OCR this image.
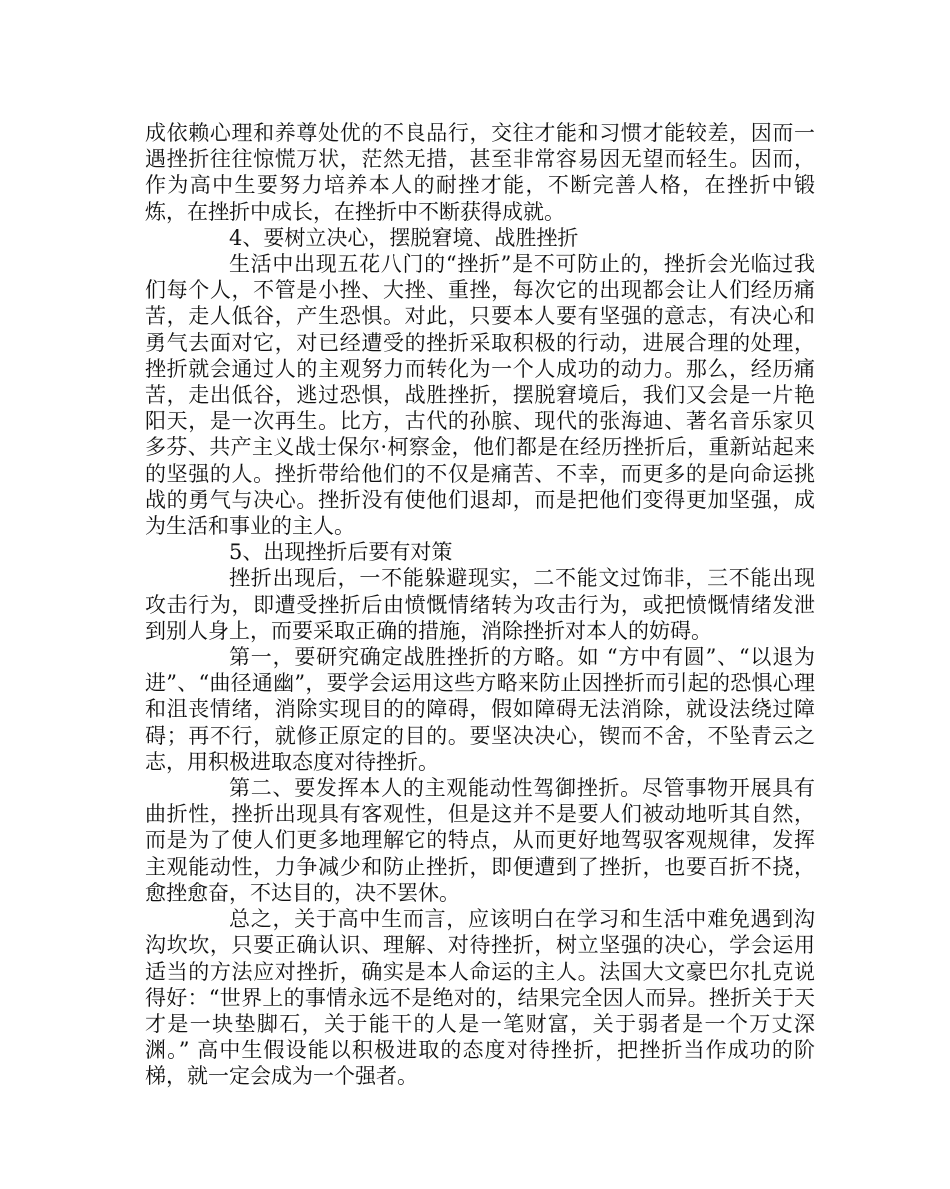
成依赖心理和养尊处优的不良品行，交往才能和习惯才能较差，因而一遇挫折往往惊慌万状，茫然无措，甚至非常容易因无望而轻生。因而，作为高中生要努力培养本人的耐挫才能，不断完善人格，在挫折中锻炼，在挫折中成长，在挫折中不断获得成就。

4、要树立决心，摆脱窘境、战胜挫折

生活中出现五花八门的“挫折”是不可防止的，挫折会光临过我们每个人，不管是小挫、大挫、重挫，每次它的出现都会让人们经历痛苦，走人低谷，产生恐惧。对此，只要本人要有坚强的意志，有决心和勇气去面对它，对已经遭受的挫折采取积极的行动，进展合理的处理，挫折就会通过人的主观努力而转化为一个人成功的动力。那么，经历痛苦，走出低谷，逃过恐惧，战胜挫折，摆脱窘境后，我们又会是一片艳阳天，是一次再生。比方，古代的孙膑、现代的张海迪、著名音乐家贝多芬、共产主义战士保尔·柯察金，他们都是在经历挫折后，重新站起来的坚强的人。挫折带给他们的不仅是痛苦、不幸，而更多的是向命运挑战的勇气与决心。挫折没有使他们退却，而是把他们变得更加坚强，成为生活和事业的主人。

5、出现挫折后要有对策

挫折出现后，一不能躲避现实，二不能文过饰非，三不能出现攻击行为，即遭受挫折后由愤慨情绪转为攻击行为，或把愤慨情绪发泄到别人身上，而要采取正确的措施，消除挫折对本人的妨碍。

第一，要研究确定战胜挫折的方略。如 “方中有圆”、“以退为进”、“曲径通幽”，要学会运用这些方略来防止因挫折而引起的恐惧心理和沮丧情绪，消除实现目的的障碍，假如障碍无法消除，就设法绕过障碍；再不行，就修正原定的目的。要坚决决心，锲而不舍，不坠青云之志，用积极进取态度对待挫折。

第二、要发挥本人的主观能动性驾御挫折。尽管事物开展具有曲折性，挫折出现具有客观性，但是这并不是要人们被动地听其自然，而是为了使人们更多地理解它的特点，从而更好地驾驭客观规律，发挥主观能动性，力争减少和防止挫折，即便遭到了挫折，也要百折不挠，愈挫愈奋，不达目的，决不罢休。

总之，关于高中生而言，应该明白在学习和生活中难免遇到沟沟坎坎，只要正确认识、理解、对待挫折，树立坚强的决心，学会运用适当的方法应对挫折，确实是本人命运的主人。法国大文豪巴尔扎克说得好：“世界上的事情永远不是绝对的，结果完全因人而异。挫折关于天才是一块垫脚石，关于能干的人是一笔财富，关于弱者是一个万丈深渊。” 高中生假设能以积极进取的态度对待挫折，把挫折当作成功的阶梯，就一定会成为一个强者。
